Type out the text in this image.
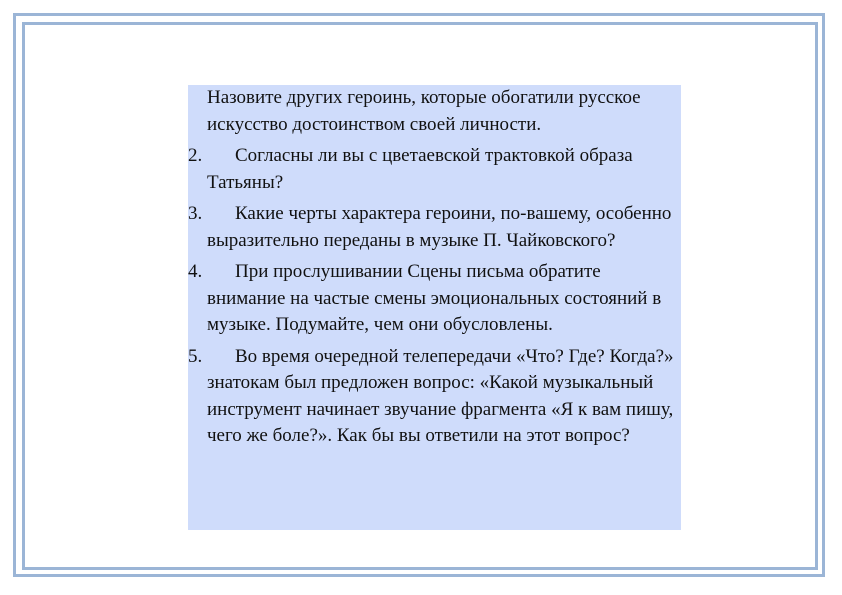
Назовите других героинь, которые обогатили русское искусство достоинством своей личности.
2. Согласны ли вы с цветаевской трактовкой образа Татьяны?
3. Какие черты характера героини, по-вашему, особенно выразительно переданы в музыке П. Чайковского?
4. При прослушивании Сцены письма обратите внимание на частые смены эмоциональных состояний в музыке. Подумайте, чем они обусловлены.
5. Во время очередной телепередачи «Что? Где? Когда?» знатокам был предложен вопрос: «Какой музыкальный инструмент начинает звучание фрагмента «Я к вам пишу, чего же боле?». Как бы вы ответили на этот вопрос?
